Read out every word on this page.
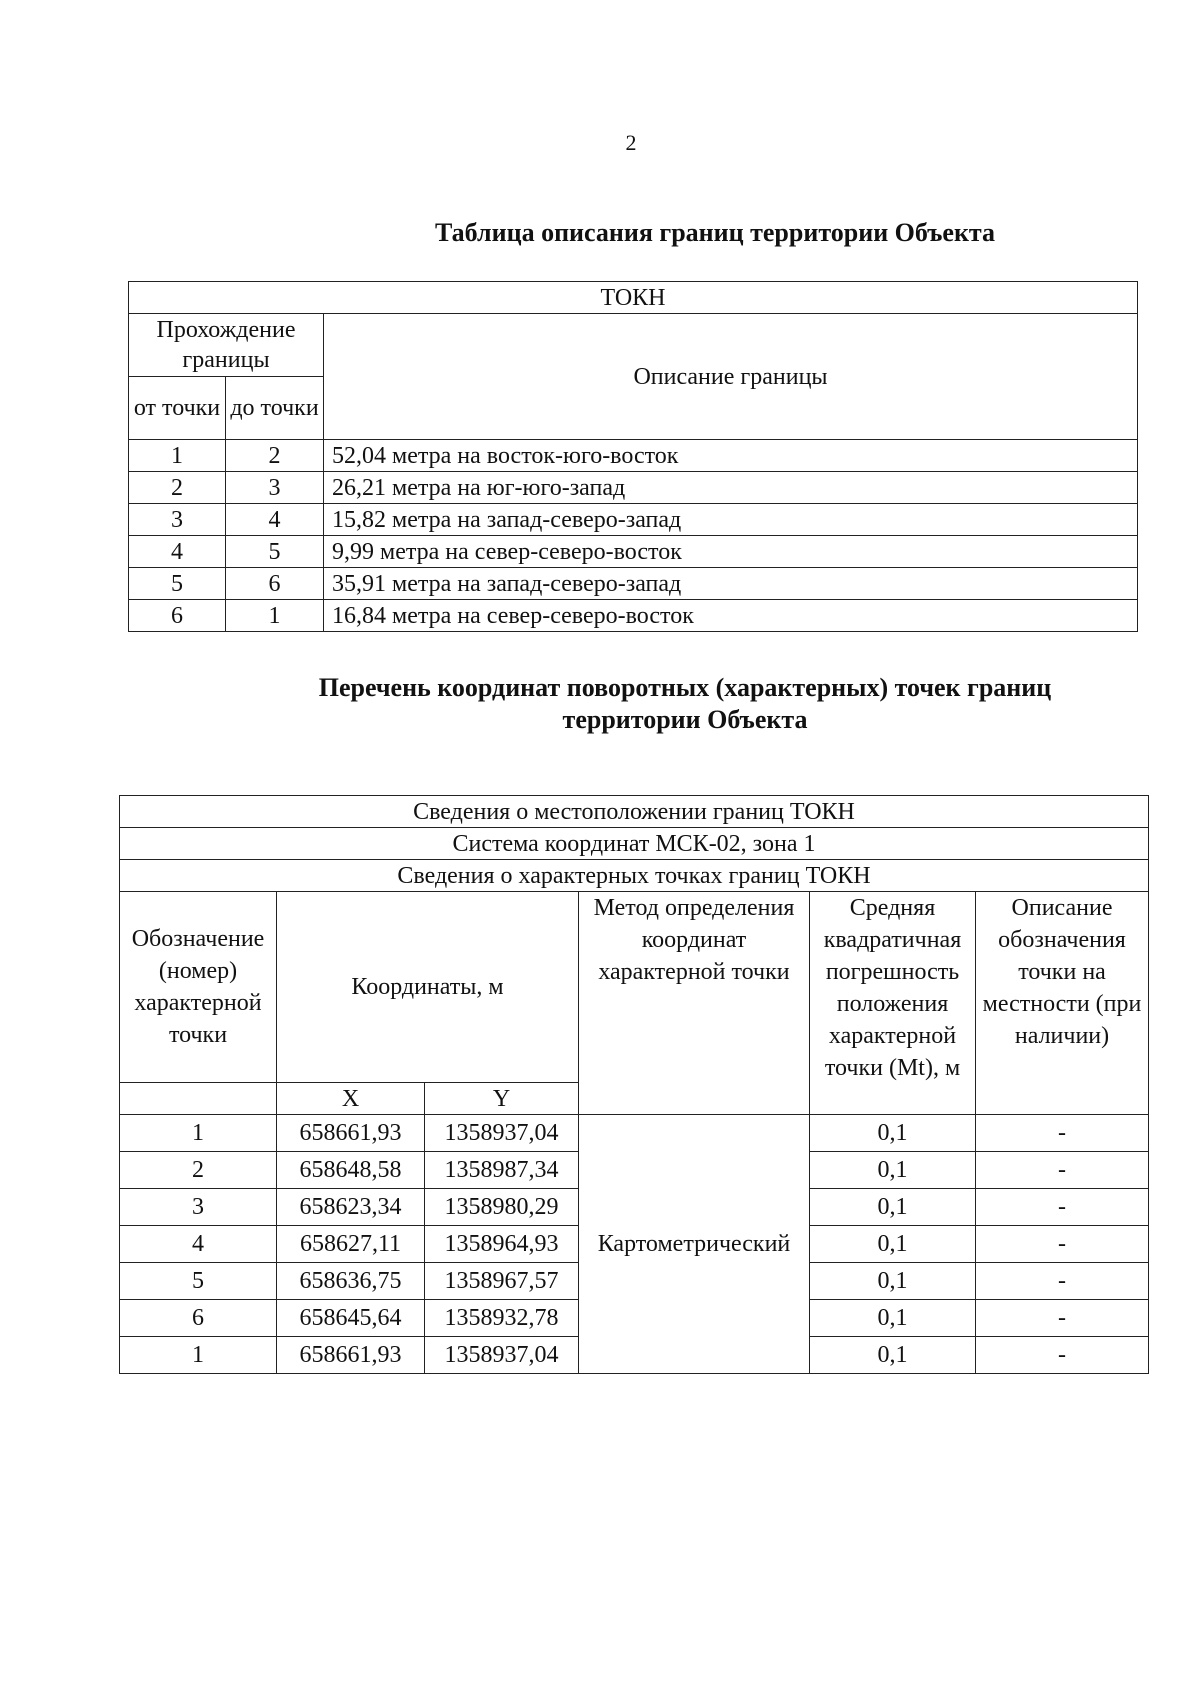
2
Таблица описания границ территории Объекта
ТОКН		
Прохождение границы		Описание границы
от точки	до точки	
1	2	52,04 метра на восток-юго-восток
2	3	26,21 метра на юг-юго-запад
3	4	15,82 метра на запад-северо-запад
4	5	9,99 метра на север-северо-восток
5	6	35,91 метра на запад-северо-запад
6	1	16,84 метра на север-северо-восток
Перечень координат поворотных (характерных) точек границ
территории Объекта
Сведения о местоположении границ ТОКН					
Система координат МСК-02, зона 1					
Сведения о характерных точках границ ТОКН					
Обозначение (номер) характерной точки	Координаты, м		Метод определения координат характерной точки	Средняя квадратичная погрешность положения характерной точки (Mt), м	Описание обозначения точки на местности (при наличии)
	X	Y			
1	658661,93	1358937,04	Картометрический	0,1	-
2	658648,58	1358987,34		0,1	-
3	658623,34	1358980,29		0,1	-
4	658627,11	1358964,93		0,1	-
5	658636,75	1358967,57		0,1	-
6	658645,64	1358932,78		0,1	-
1	658661,93	1358937,04		0,1	-
